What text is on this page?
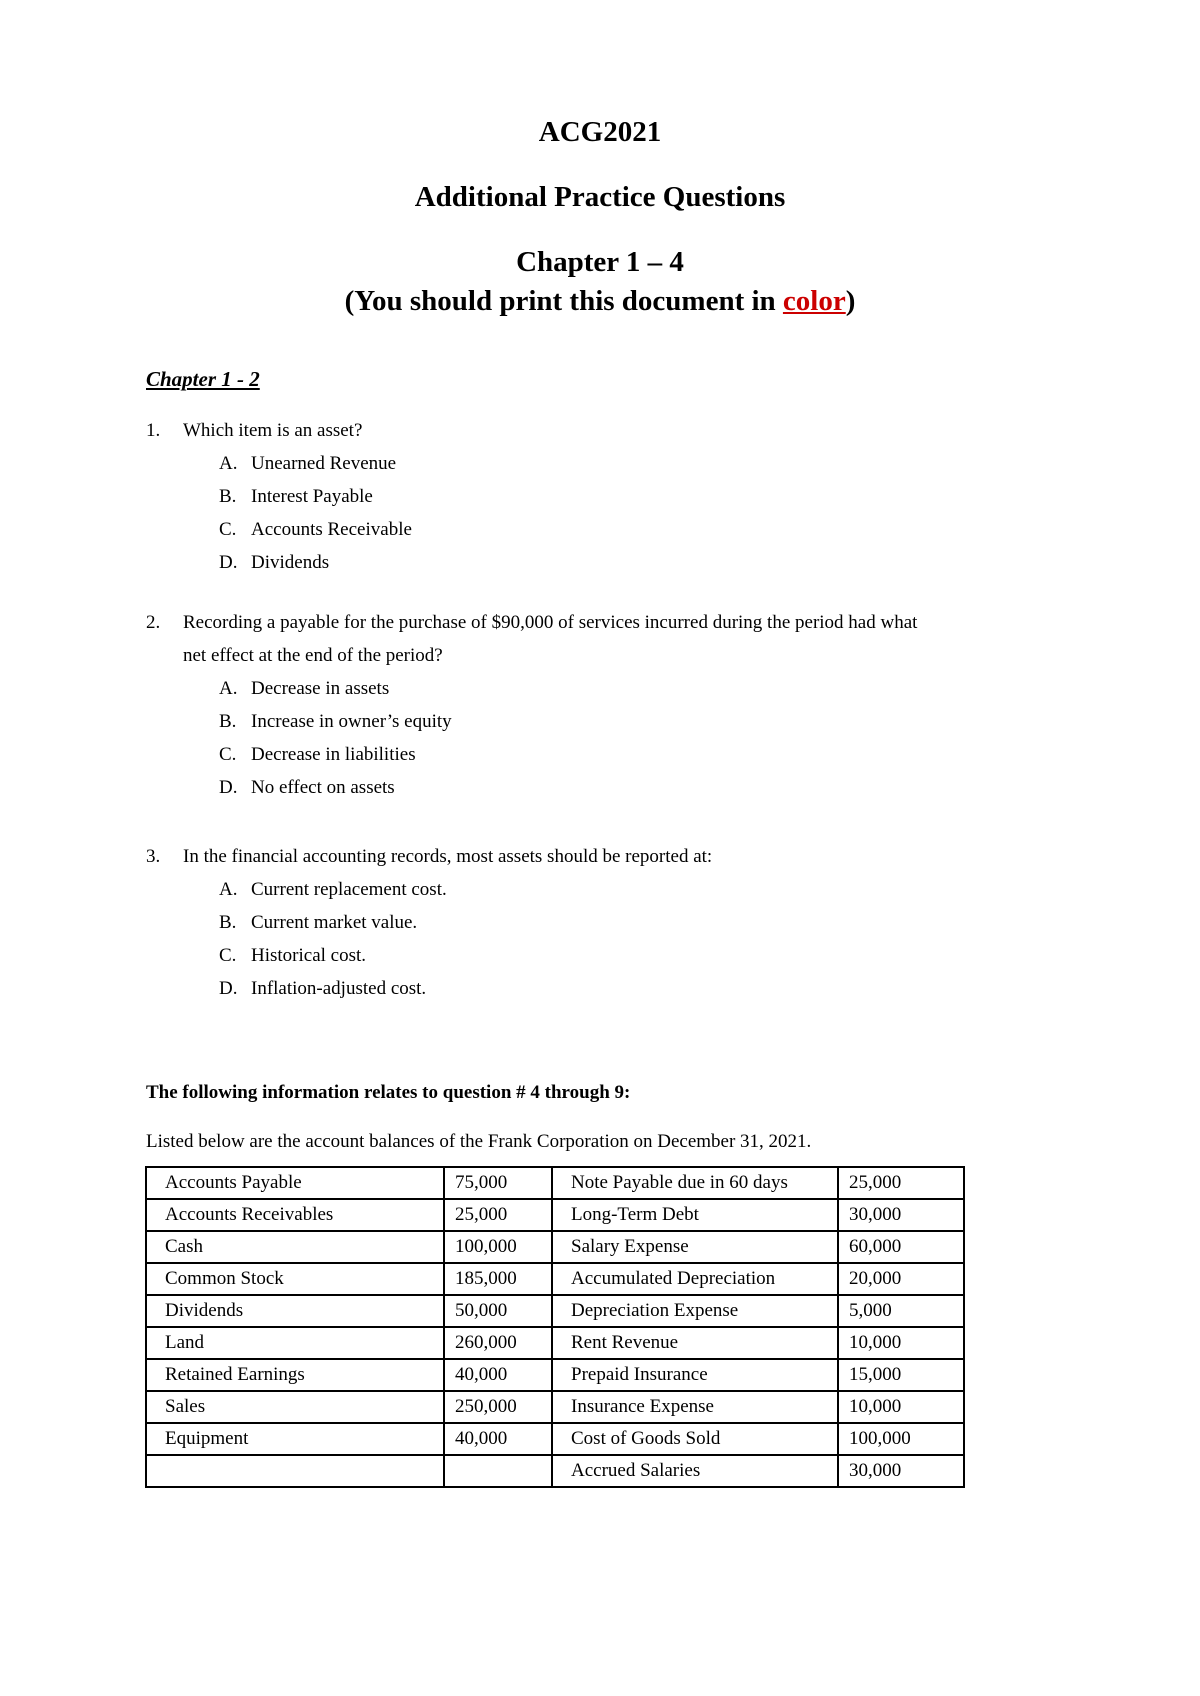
ACG2021

Additional Practice Questions

Chapter 1 – 4

(You should print this document in color)

Chapter 1 - 2

1. Which item is an asset?
A. Unearned Revenue
B. Interest Payable
C. Accounts Receivable
D. Dividends
2. Recording a payable for the purchase of $90,000 of services incurred during the period had what
net effect at the end of the period?
A. Decrease in assets
B. Increase in owner’s equity
C. Decrease in liabilities
D. No effect on assets
3. In the financial accounting records, most assets should be reported at:
A. Current replacement cost.
B. Current market value.
C. Historical cost.
D. Inflation-adjusted cost.
The following information relates to question # 4 through 9:
Listed below are the account balances of the Frank Corporation on December 31, 2021.
Accounts Payable	75,000	Note Payable due in 60 days	25,000
Accounts Receivables	25,000	Long-Term Debt	30,000
Cash	100,000	Salary Expense	60,000
Common Stock	185,000	Accumulated Depreciation	20,000
Dividends	50,000	Depreciation Expense	5,000
Land	260,000	Rent Revenue	10,000
Retained Earnings	40,000	Prepaid Insurance	15,000
Sales	250,000	Insurance Expense	10,000
Equipment	40,000	Cost of Goods Sold	100,000
		Accrued Salaries	30,000
